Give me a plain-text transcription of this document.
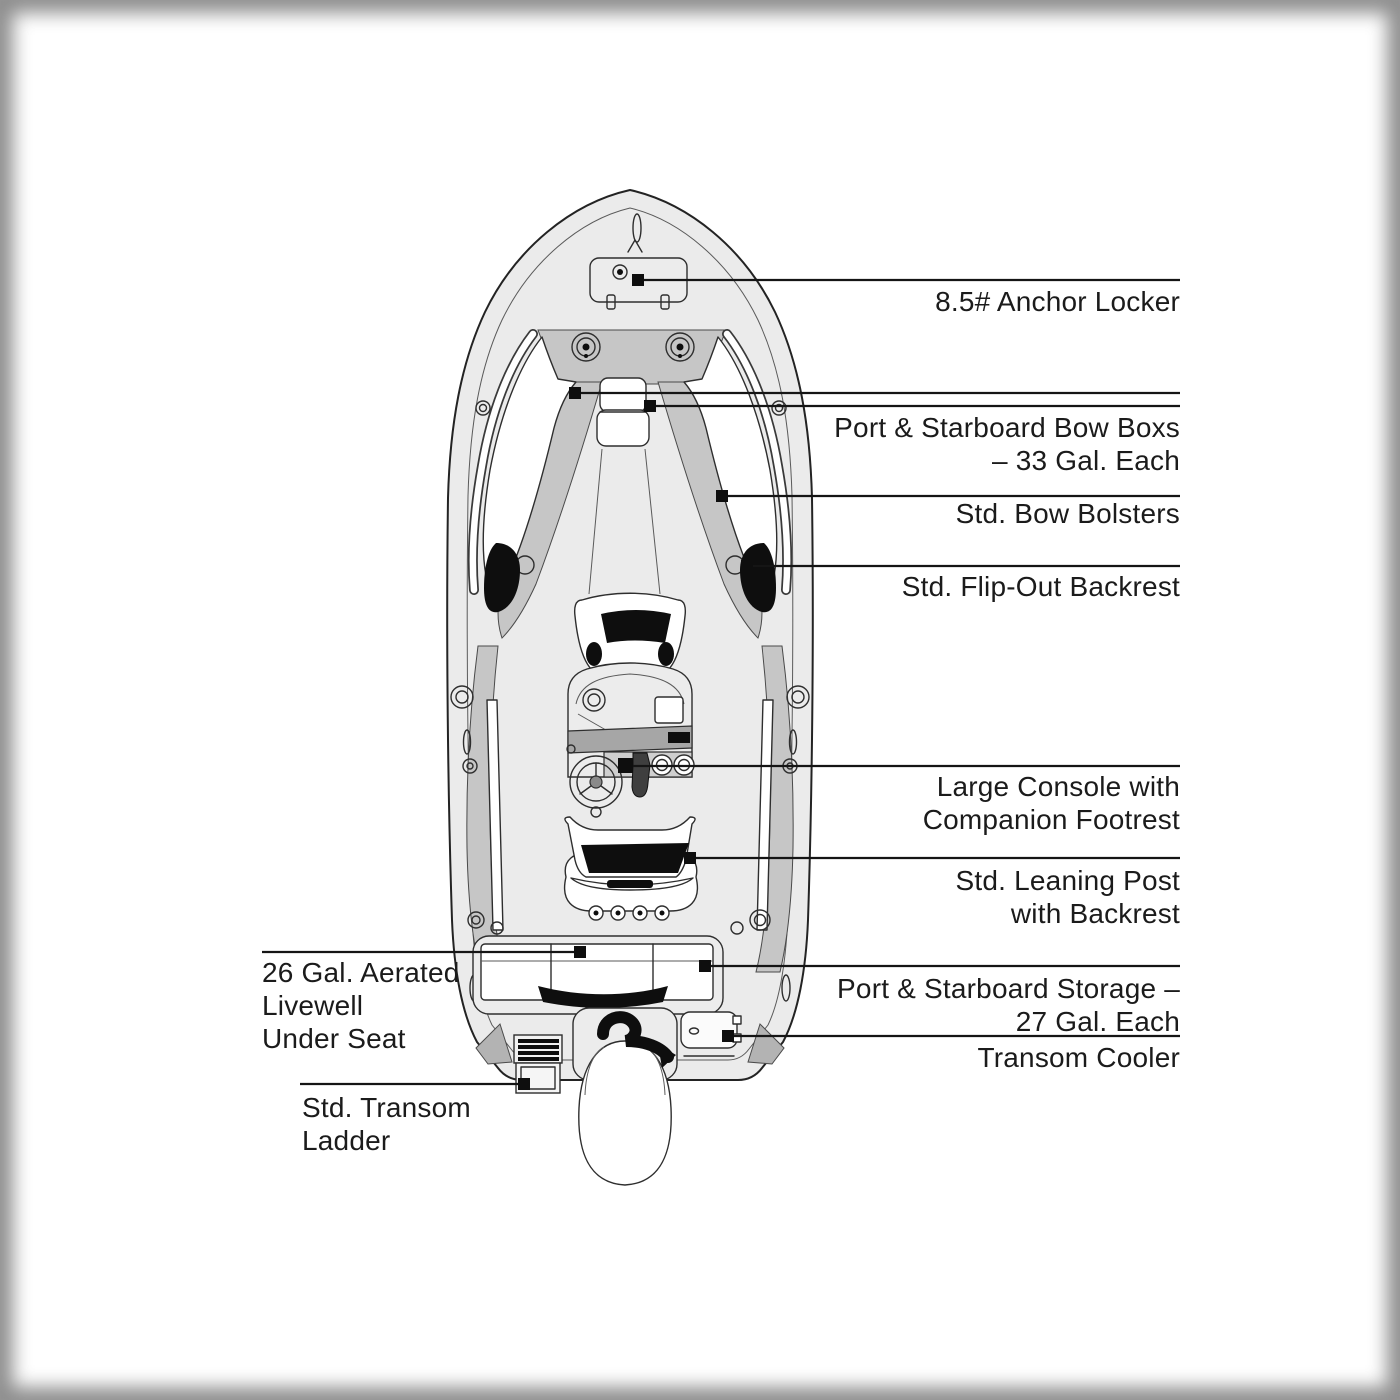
8.5# Anchor Locker
Port & Starboard Bow Boxs
– 33 Gal. Each
Std. Bow Bolsters
Std. Flip-Out Backrest
Large Console with
Companion Footrest
Std. Leaning Post
with Backrest
Port & Starboard Storage –
27 Gal. Each
Transom Cooler
26 Gal. Aerated
Livewell
Under Seat
Std. Transom
Ladder
